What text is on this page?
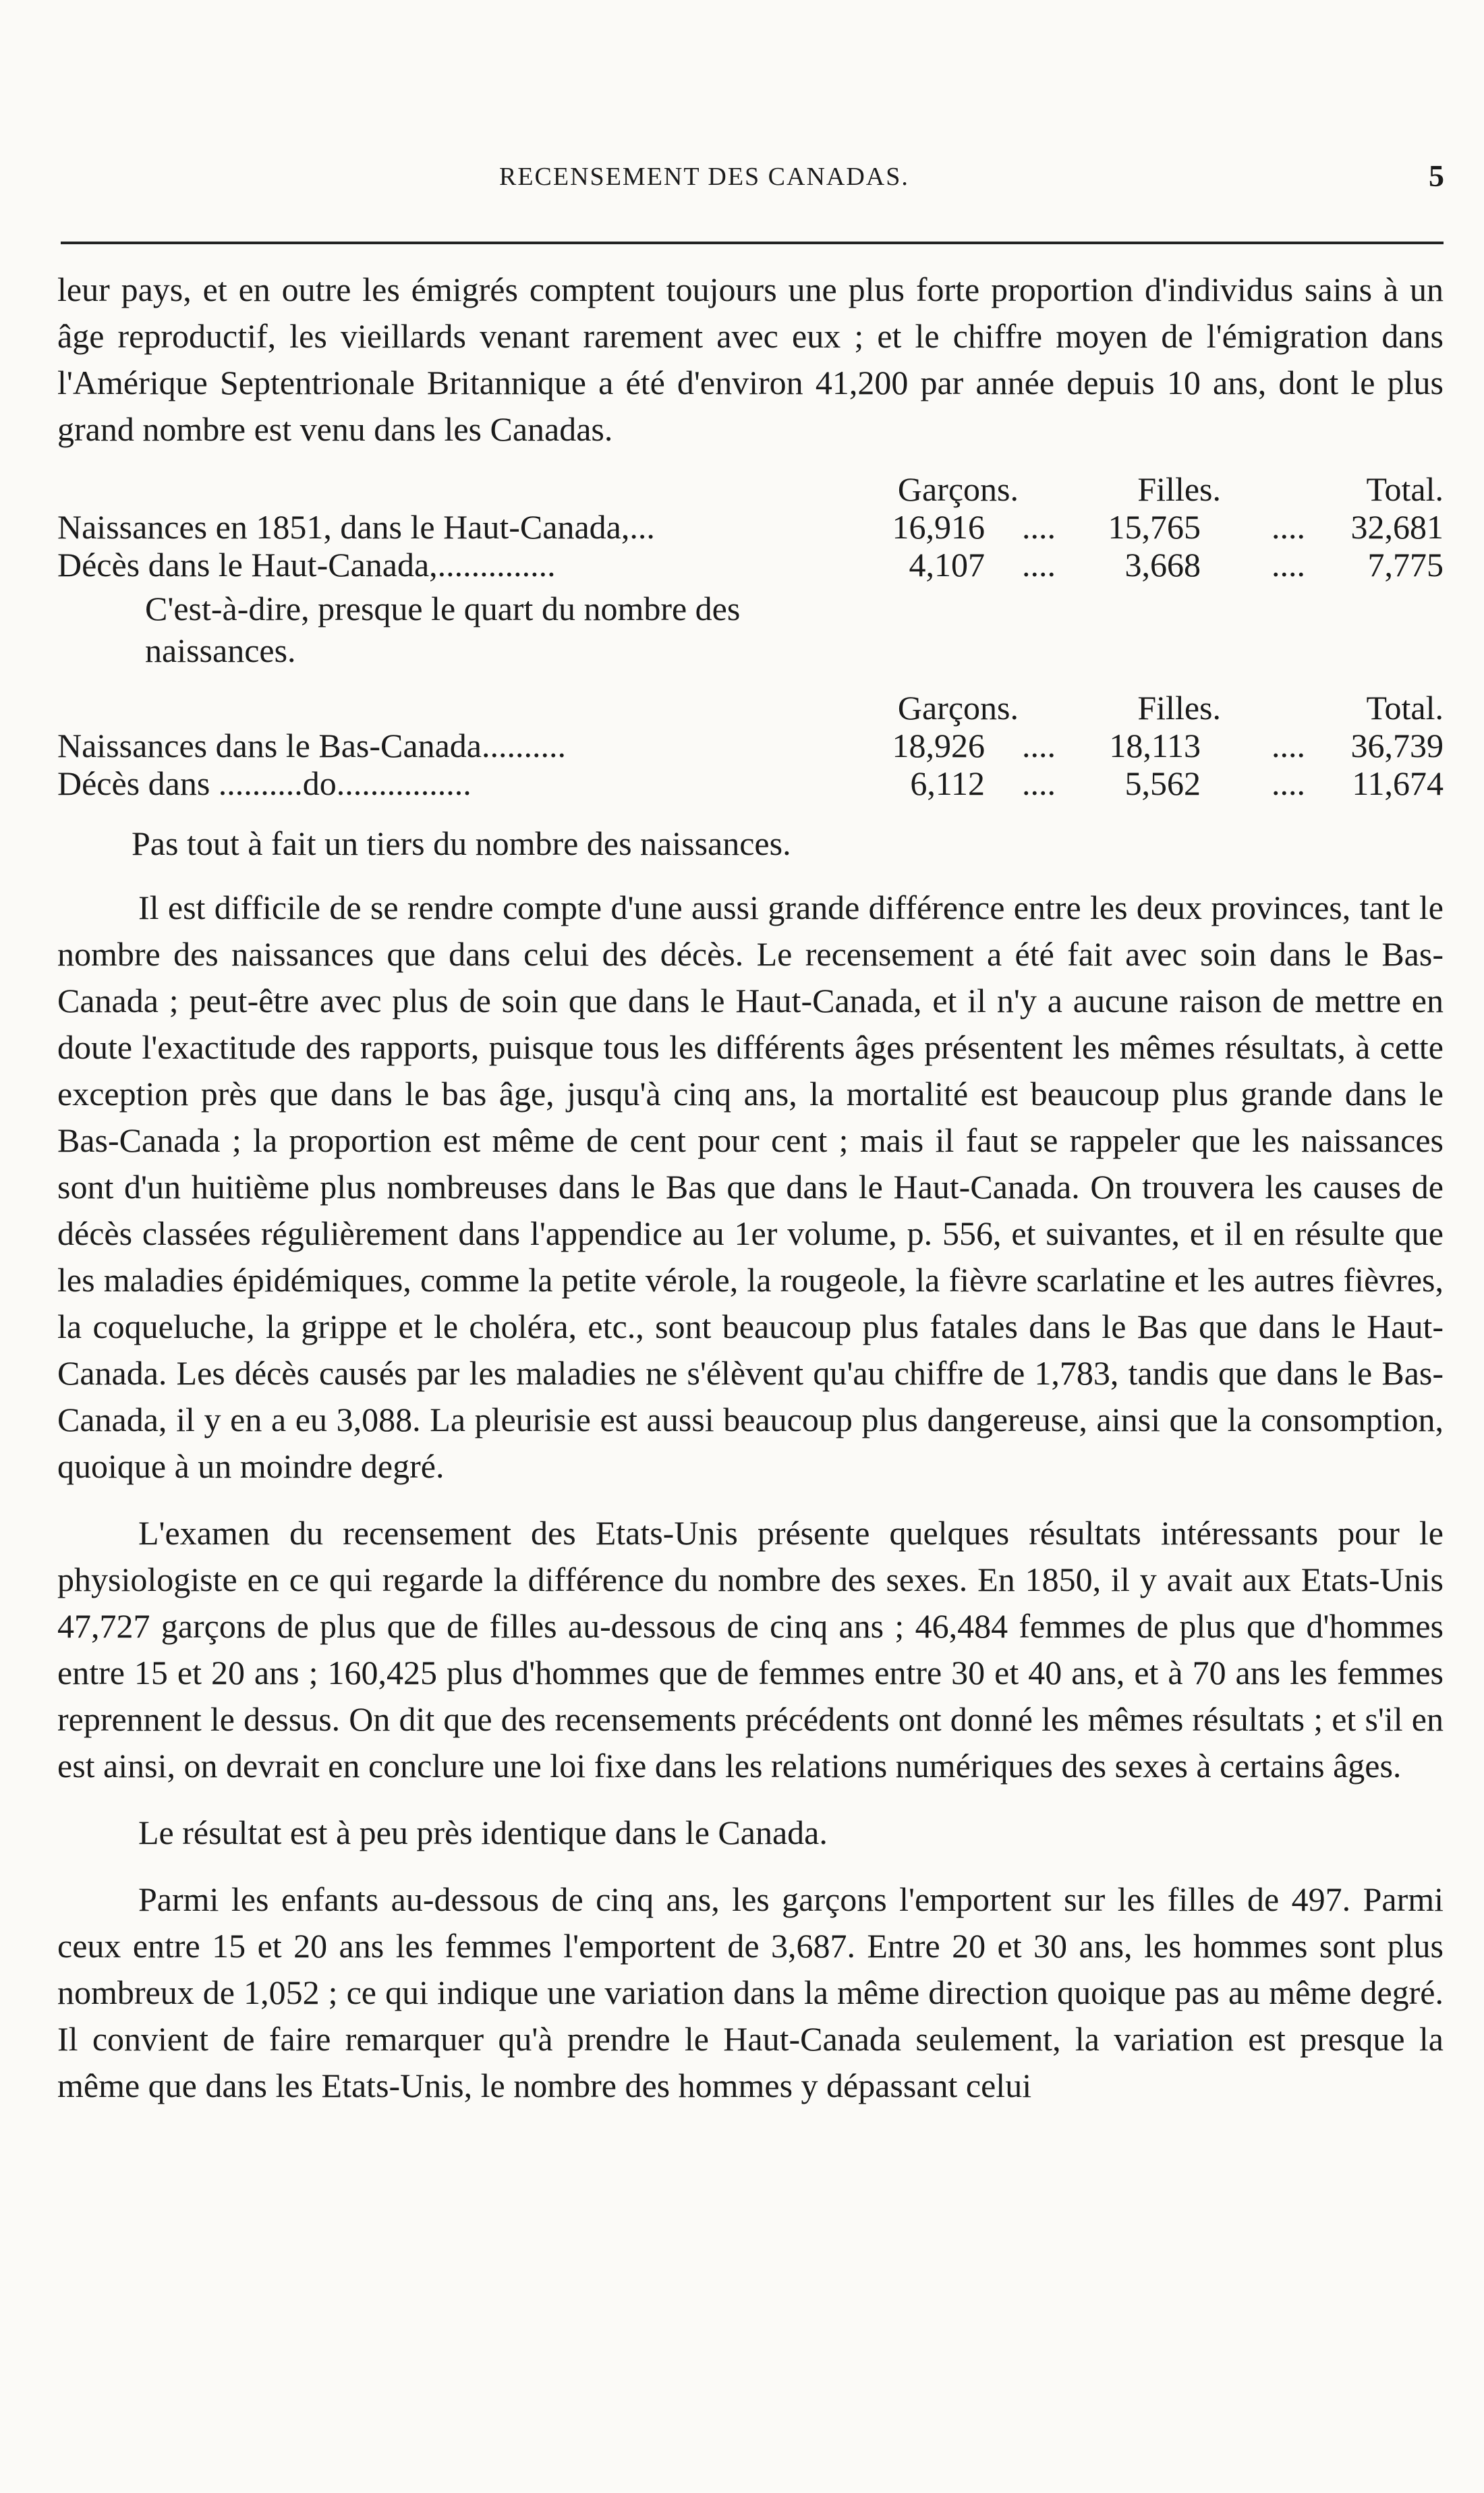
RECENSEMENT DES CANADAS.	5

leur pays, et en outre les émigrés comptent toujours une plus forte proportion d'individus sains à un âge reproductif, les vieillards venant rarement avec eux ; et le chiffre moyen de l'émigration dans l'Amérique Septentrionale Britannique a été d'environ 41,200 par année depuis 10 ans, dont le plus grand nombre est venu dans les Canadas.

Garçons.	Filles.	Total.
Naissances en 1851, dans le Haut-Canada,...	16,916 .... 15,765 .... 32,681
Décès dans le Haut-Canada,..............	4,107 .... 3,668 .... 7,775

C'est-à-dire, presque le quart du nombre des naissances.

Garçons.	Filles.	Total.
Naissances dans le Bas-Canada..........	18,926 .... 18,113 .... 36,739
Décès dans ..........do................	6,112 .... 5,562 .... 11,674

Pas tout à fait un tiers du nombre des naissances.

Il est difficile de se rendre compte d'une aussi grande différence entre les deux provinces, tant le nombre des naissances que dans celui des décès. Le recensement a été fait avec soin dans le Bas-Canada ; peut-être avec plus de soin que dans le Haut-Canada, et il n'y a aucune raison de mettre en doute l'exactitude des rapports, puisque tous les différents âges présentent les mêmes résultats, à cette exception près que dans le bas âge, jusqu'à cinq ans, la mortalité est beaucoup plus grande dans le Bas-Canada ; la proportion est même de cent pour cent ; mais il faut se rappeler que les naissances sont d'un huitième plus nombreuses dans le Bas que dans le Haut-Canada. On trouvera les causes de décès classées régulièrement dans l'appendice au 1er volume, p. 556, et suivantes, et il en résulte que les maladies épidémiques, comme la petite vérole, la rougeole, la fièvre scarlatine et les autres fièvres, la coqueluche, la grippe et le choléra, etc., sont beaucoup plus fatales dans le Bas que dans le Haut-Canada. Les décès causés par les maladies ne s'élèvent qu'au chiffre de 1,783, tandis que dans le Bas-Canada, il y en a eu 3,088. La pleurisie est aussi beaucoup plus dangereuse, ainsi que la consomption, quoique à un moindre degré.

L'examen du recensement des Etats-Unis présente quelques résultats intéressants pour le physiologiste en ce qui regarde la différence du nombre des sexes. En 1850, il y avait aux Etats-Unis 47,727 garçons de plus que de filles au-dessous de cinq ans ; 46,484 femmes de plus que d'hommes entre 15 et 20 ans ; 160,425 plus d'hommes que de femmes entre 30 et 40 ans, et à 70 ans les femmes reprennent le dessus. On dit que des recensements précédents ont donné les mêmes résultats ; et s'il en est ainsi, on devrait en conclure une loi fixe dans les relations numériques des sexes à certains âges.

Le résultat est à peu près identique dans le Canada.

Parmi les enfants au-dessous de cinq ans, les garçons l'emportent sur les filles de 497. Parmi ceux entre 15 et 20 ans les femmes l'emportent de 3,687. Entre 20 et 30 ans, les hommes sont plus nombreux de 1,052 ; ce qui indique une variation dans la même direction quoique pas au même degré. Il convient de faire remarquer qu'à prendre le Haut-Canada seulement, la variation est presque la même que dans les Etats-Unis, le nombre des hommes y dépassant celui
